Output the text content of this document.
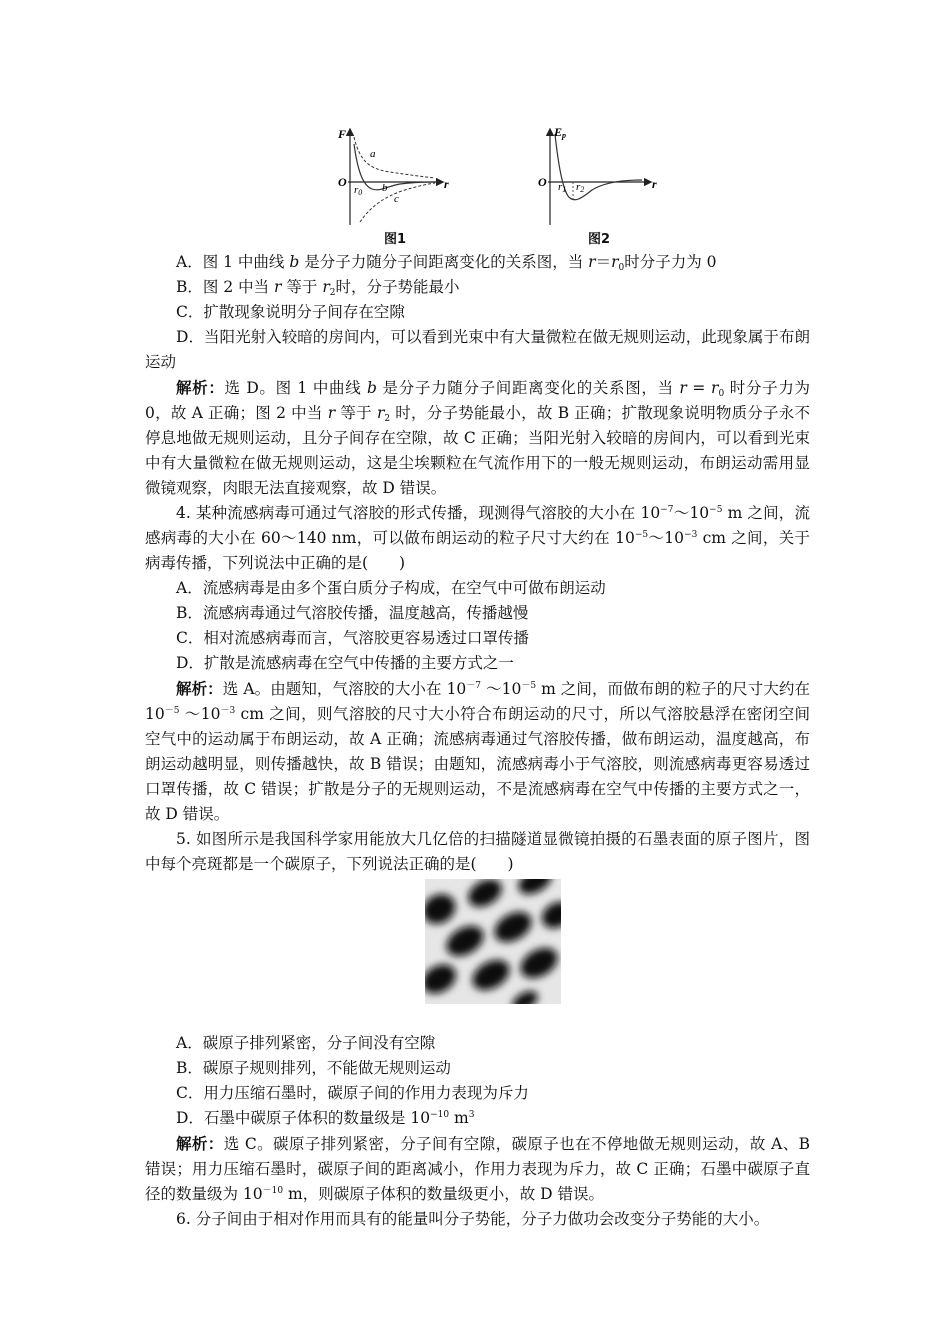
F
O	r
r0
a
b
c
图1
Ep
O	r
r1 r2
图2

A．图 1 中曲线 b 是分子力随分子间距离变化的关系图，当 $r=r_0$时分子力为 0

B．图 2 中当 r 等于 $r_2$时，分子势能最小

C．扩散现象说明分子间存在空隙

D．当阳光射入较暗的房间内，可以看到光束中有大量微粒在做无规则运动，此现象属于布朗运动

解析：选 D。图 1 中曲线 b 是分子力随分子间距离变化的关系图，当 $r = r_0$ 时分子力为 0，故 A 正确；图 2 中当 r 等于 $r_2$ 时，分子势能最小，故 B 正确；扩散现象说明物质分子永不停息地做无规则运动，且分子间存在空隙，故 C 正确；当阳光射入较暗的房间内，可以看到光束中有大量微粒在做无规则运动，这是尘埃颗粒在气流作用下的一般无规则运动，布朗运动需用显微镜观察，肉眼无法直接观察，故 D 错误。

4. 某种流感病毒可通过气溶胶的形式传播，现测得气溶胶的大小在 $10^{-7}\sim 10^{-5}$ m 之间，流感病毒的大小在 60～140 nm，可以做布朗运动的粒子尺寸大约在 $10^{-5}\sim 10^{-3}$ cm 之间，关于病毒传播，下列说法中正确的是(　　)

A．流感病毒是由多个蛋白质分子构成，在空气中可做布朗运动

B．流感病毒通过气溶胶传播，温度越高，传播越慢

C．相对流感病毒而言，气溶胶更容易透过口罩传播

D．扩散是流感病毒在空气中传播的主要方式之一

解析：选 A。由题知，气溶胶的大小在 $10^{-7}$ $\sim 10^{-5}$ m 之间，而做布朗的粒子的尺寸大约在 $10^{-5}$ $\sim 10^{-3}$ cm 之间，则气溶胶的尺寸大小符合布朗运动的尺寸，所以气溶胶悬浮在密闭空间空气中的运动属于布朗运动，故 A 正确；流感病毒通过气溶胶传播，做布朗运动，温度越高，布朗运动越明显，则传播越快，故 B 错误；由题知，流感病毒小于气溶胶，则流感病毒更容易透过口罩传播，故 C 错误；扩散是分子的无规则运动，不是流感病毒在空气中传播的主要方式之一，故 D 错误。

5. 如图所示是我国科学家用能放大几亿倍的扫描隧道显微镜拍摄的石墨表面的原子图片，图中每个亮斑都是一个碳原子，下列说法正确的是(　　)

A．碳原子排列紧密，分子间没有空隙

B．碳原子规则排列，不能做无规则运动

C．用力压缩石墨时，碳原子间的作用力表现为斥力

D．石墨中碳原子体积的数量级是 $10^{-10}$ $m^3$

解析：选 C。碳原子排列紧密，分子间有空隙，碳原子也在不停地做无规则运动，故 A、B 错误；用力压缩石墨时，碳原子间的距离减小，作用力表现为斥力，故 C 正确；石墨中碳原子直径的数量级为 $10^{-10}$ m，则碳原子体积的数量级更小，故 D 错误。

6. 分子间由于相对作用而具有的能量叫分子势能，分子力做功会改变分子势能的大小。
